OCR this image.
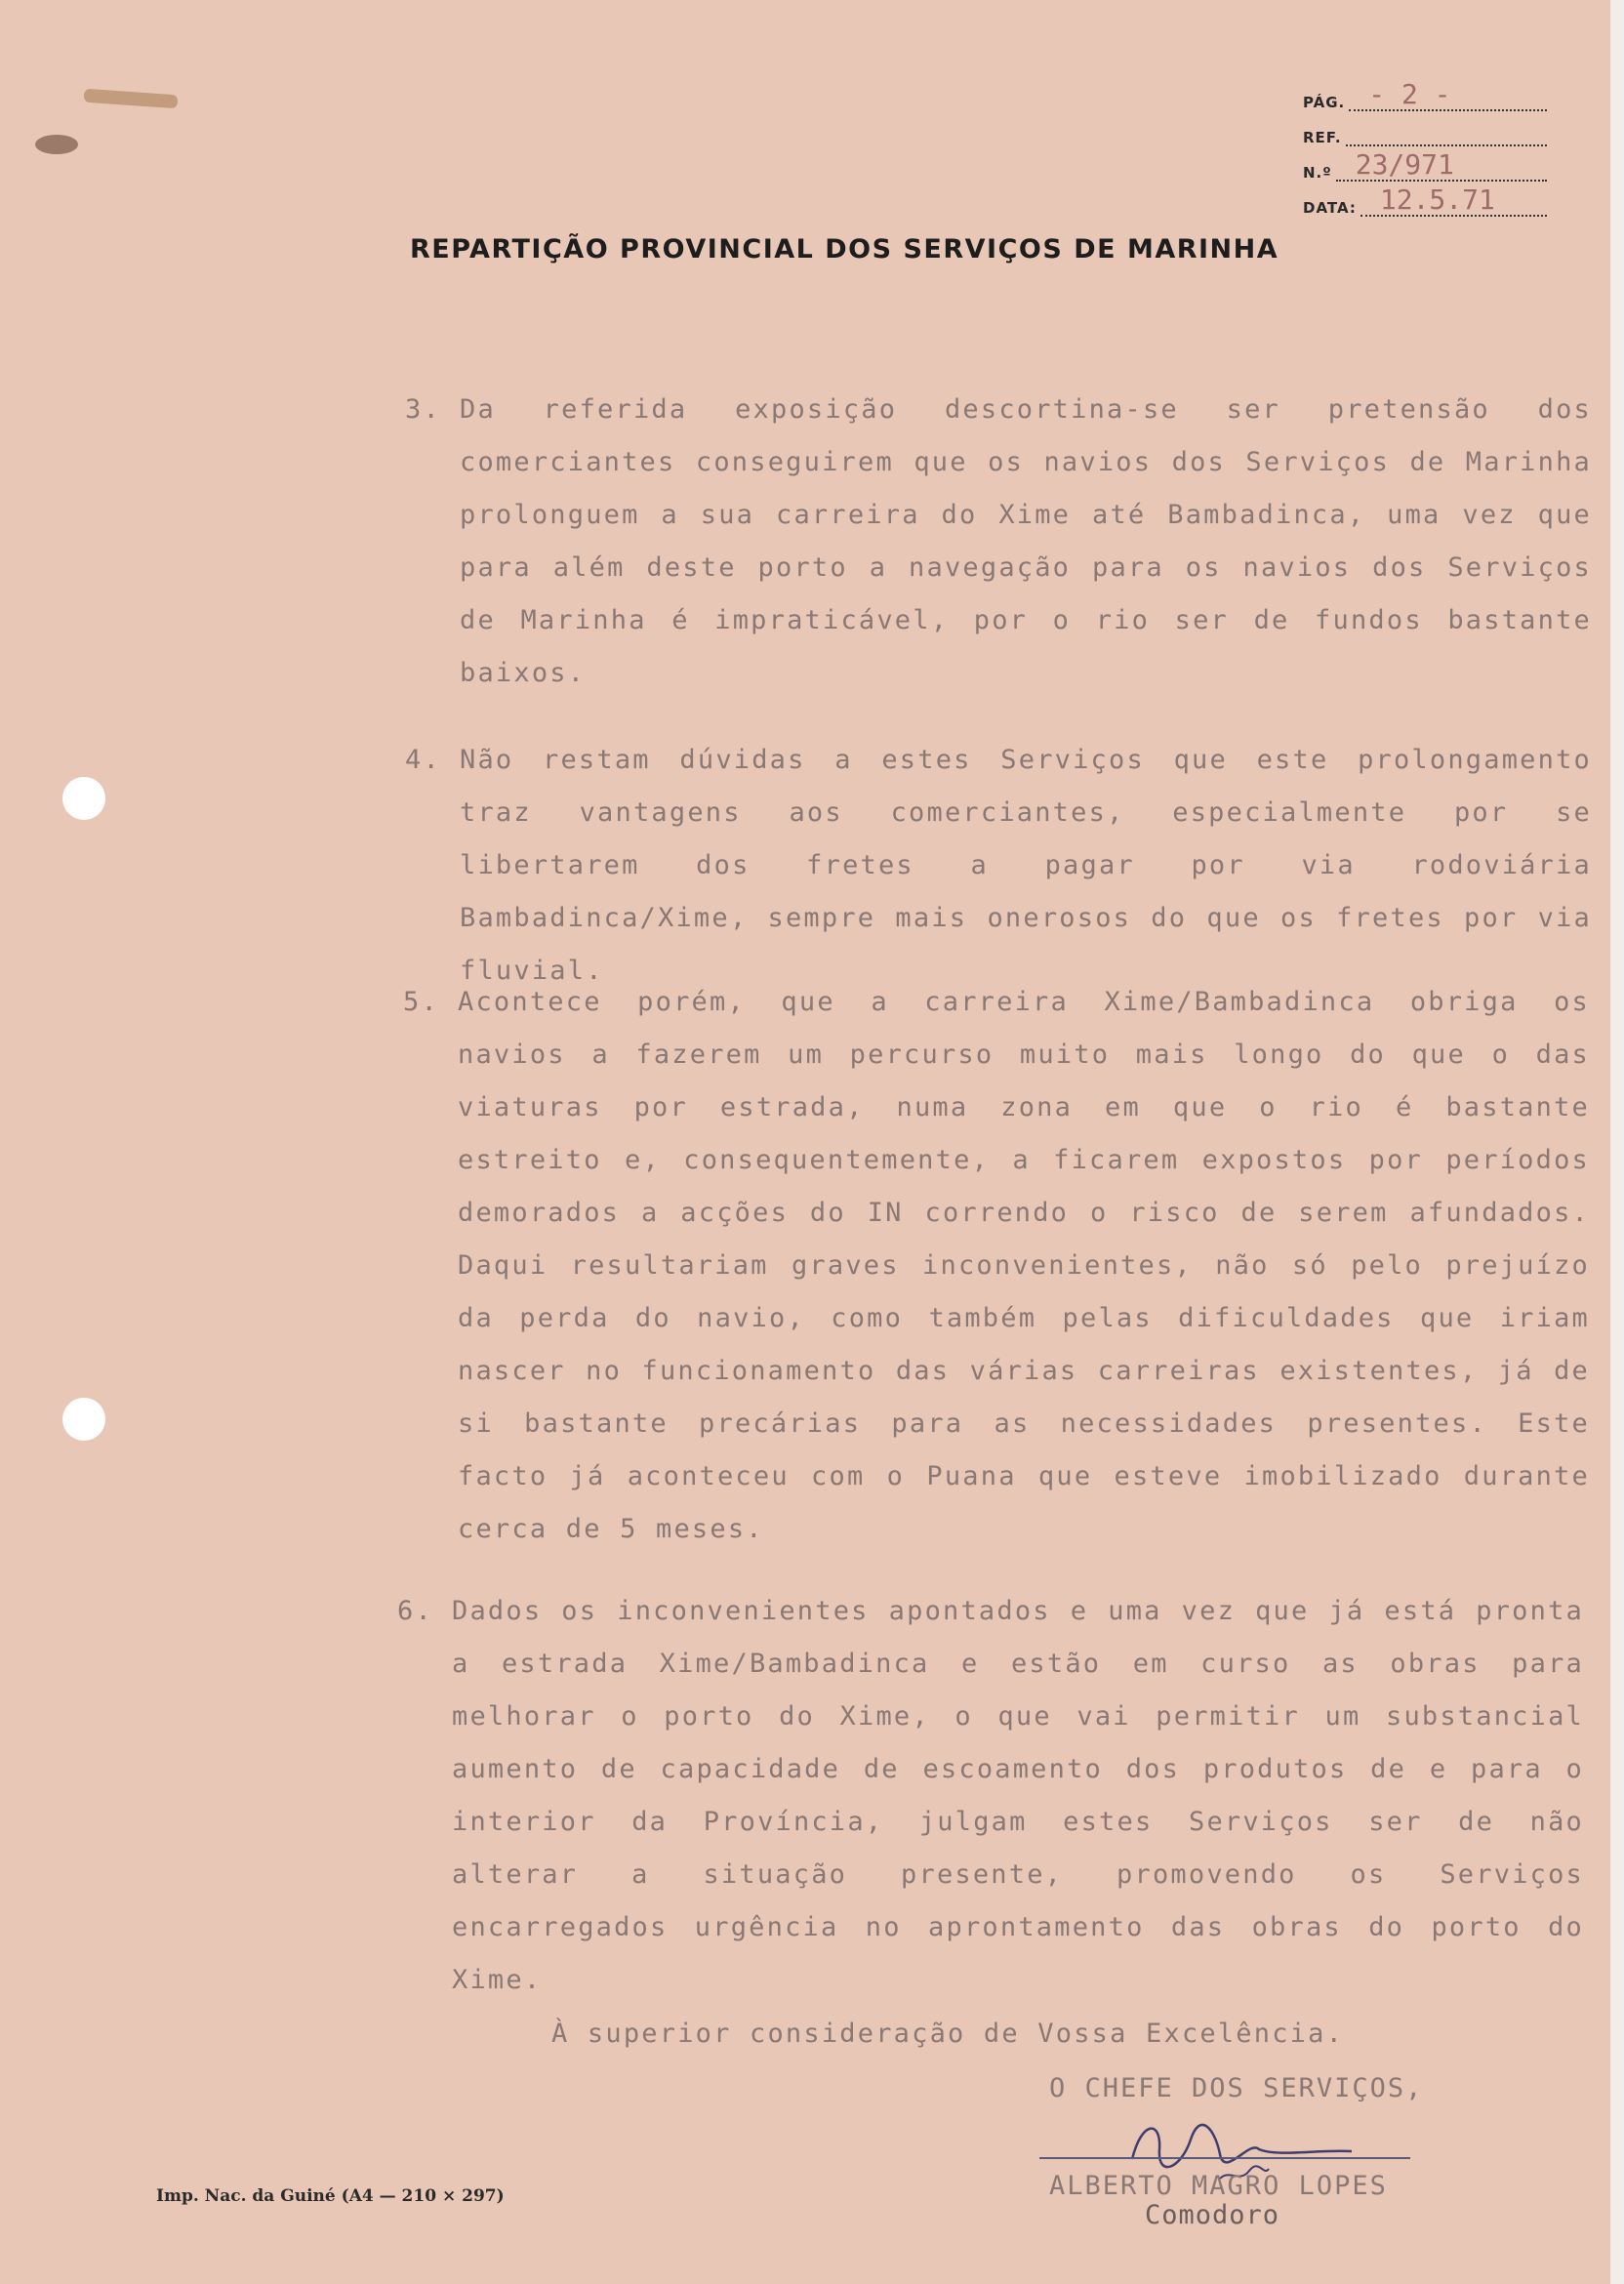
PÁG. - 2 -
REF.
N.º 23/971
DATA: 12.5.71
REPARTIÇÃO PROVINCIAL DOS SERVIÇOS DE MARINHA
3. Da referida exposição descortina-se ser pretensão dos comerciantes conseguirem que os navios dos Serviços de Marinha prolonguem a sua carreira do Xime até Bambadinca, uma vez que para além deste porto a navegação para os navios dos Serviços de Marinha é impraticável, por o rio ser de fundos bastante baixos.
4. Não restam dúvidas a estes Serviços que este prolongamento traz vantagens aos comerciantes, especialmente por se libertarem dos fretes a pagar por via rodoviária Bambadinca/Xime, sempre mais onerosos do que os fretes por via fluvial.
5. Acontece porém, que a carreira Xime/Bambadinca obriga os navios a fazerem um percurso muito mais longo do que o das viaturas por estrada, numa zona em que o rio é bastante estreito e, consequentemente, a ficarem expostos por períodos demorados a acções do IN correndo o risco de serem afundados. Daqui resultariam graves inconvenientes, não só pelo prejuízo da perda do navio, como também pelas dificuldades que iriam nascer no funcionamento das várias carreiras existentes, já de si bastante precárias para as necessidades presentes. Este facto já aconteceu com o Puana que esteve imobilizado durante cerca de 5 meses.
6. Dados os inconvenientes apontados e uma vez que já está pronta a estrada Xime/Bambadinca e estão em curso as obras para melhorar o porto do Xime, o que vai permitir um substancial aumento de capacidade de escoamento dos produtos de e para o interior da Província, julgam estes Serviços ser de não alterar a situação presente, promovendo os Serviços encarregados urgência no aprontamento das obras do porto do Xime.
À superior consideração de Vossa Excelência.
O CHEFE DOS SERVIÇOS,
ALBERTO MAGRO LOPES
Comodoro
Imp. Nac. da Guiné (A4 — 210 × 297)
